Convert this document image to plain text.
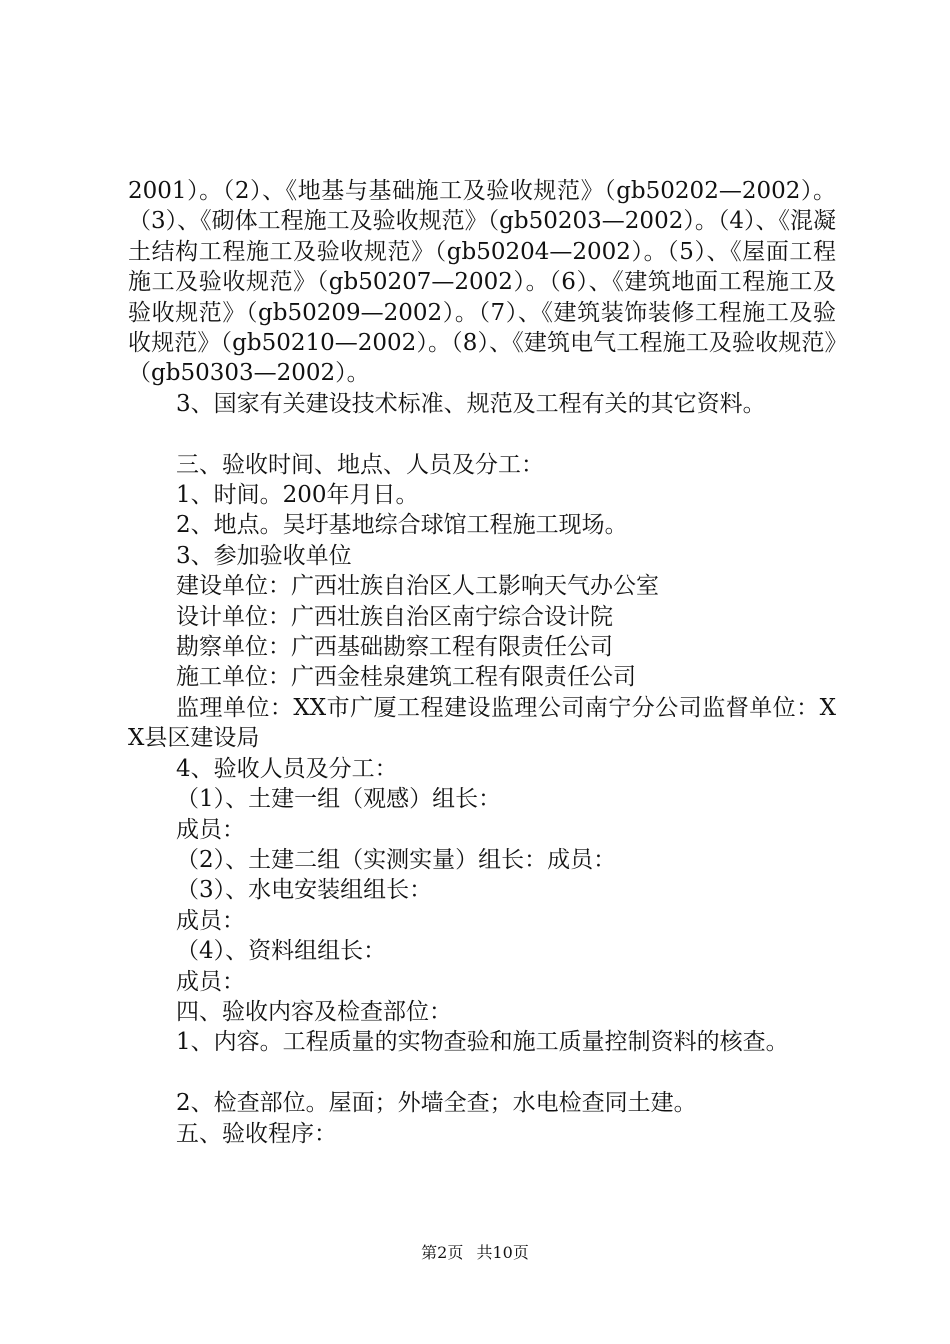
2001）。（2）、《地基与基础施工及验收规范》（gb50202—2002）。（3）、《砌体工程施工及验收规范》（gb50203—2002）。（4）、《混凝土结构工程施工及验收规范》（gb50204—2002）。（5）、《屋面工程施工及验收规范》（gb50207—2002）。（6）、《建筑地面工程施工及验收规范》（gb50209—2002）。（7）、《建筑装饰装修工程施工及验收规范》（gb50210—2002）。（8）、《建筑电气工程施工及验收规范》（gb50303—2002）。

3、国家有关建设技术标准、规范及工程有关的其它资料。

三、验收时间、地点、人员及分工：

1、时间。200年月日。

2、地点。吴圩基地综合球馆工程施工现场。

3、参加验收单位

建设单位：广西壮族自治区人工影响天气办公室

设计单位：广西壮族自治区南宁综合设计院

勘察单位：广西基础勘察工程有限责任公司

施工单位：广西金桂泉建筑工程有限责任公司

监理单位：XX市广厦工程建设监理公司南宁分公司监督单位：XX县区建设局

4、验收人员及分工：

（1）、土建一组（观感）组长：

成员：

（2）、土建二组（实测实量）组长：成员：

（3）、水电安装组组长：

成员：

（4）、资料组组长：

成员：

四、验收内容及检查部位：

1、内容。工程质量的实物查验和施工质量控制资料的核查。

2、检查部位。屋面；外墙全查；水电检查同土建。

五、验收程序：

第2页 共10页
